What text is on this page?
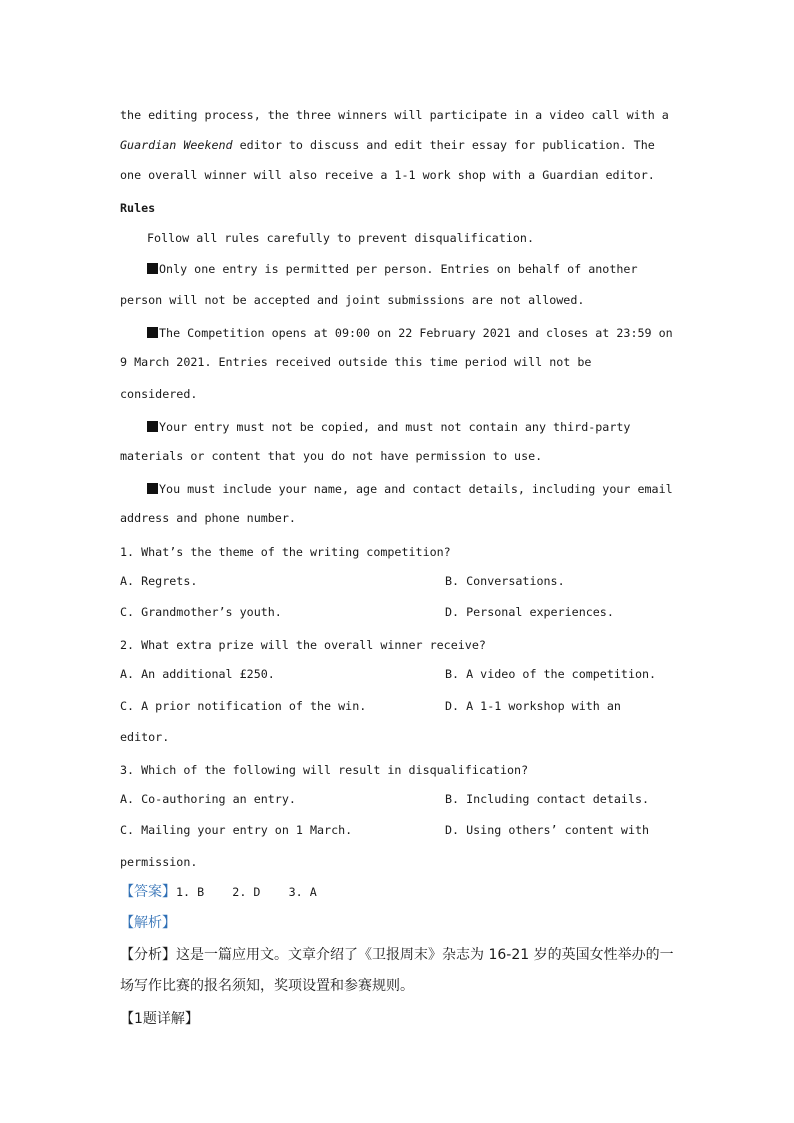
the editing process, the three winners will participate in a video call with a
Guardian Weekend editor to discuss and edit their essay for publication. The
one overall winner will also receive a 1-1 work shop with a Guardian editor.
Rules
Follow all rules carefully to prevent disqualification.
Only one entry is permitted per person. Entries on behalf of another
person will not be accepted and joint submissions are not allowed.
The Competition opens at 09:00 on 22 February 2021 and closes at 23:59 on
9 March 2021. Entries received outside this time period will not be
considered.
Your entry must not be copied, and must not contain any third-party
materials or content that you do not have permission to use.
You must include your name, age and contact details, including your email
address and phone number.
1. What’s the theme of the writing competition?
A. Regrets.	B. Conversations.
C. Grandmother’s youth.	D. Personal experiences.
2. What extra prize will the overall winner receive?
A. An additional £250.	B. A video of the competition.
C. A prior notification of the win.	D. A 1-1 workshop with an
editor.
3. Which of the following will result in disqualification?
A. Co-authoring an entry.	B. Including contact details.
C. Mailing your entry on 1 March.	D. Using others’ content with
permission.
【答案】1. B    2. D    3. A
【解析】
【分析】这是一篇应用文。文章介绍了《卫报周末》杂志为 16-21 岁的英国女性举办的一
场写作比赛的报名须知，奖项设置和参赛规则。
【1题详解】
